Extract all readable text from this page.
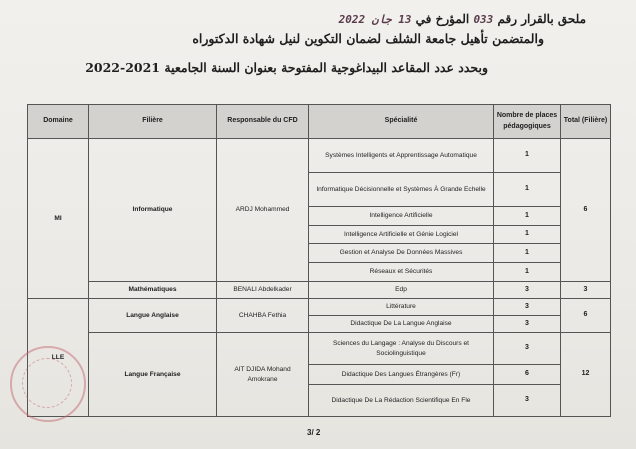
ملحق بالقرار رقم 033 المؤرخ في 13 جان 2022
والمتضمن تأهيل جامعة الشلف لضمان التكوين لنيل شهادة الدكتوراه
وبحدد عدد المقاعد البيداغوجية المفتوحة بعنوان السنة الجامعية 2021-2022
Domaine	Filière	Responsable du CFD	Spécialité	Nombre de places pédagogiques	Total (Filière)
MI	Informatique	ARDJ Mohammed	Systèmes Intelligents et Apprentissage Automatique	1	6
			Informatique Décisionnelle et Systèmes À Grande Echelle	1	
			Intelligence Artificielle	1	
			Intelligence Artificielle et Génie Logiciel	1	
			Gestion et Analyse De Données Massives	1	
			Réseaux et Sécurités	1	
	Mathématiques	BENALI Abdelkader	Edp	3	3
LLE	Langue Anglaise	CHAHBA Fethia	Littérature	3	6
			Didactique De La Langue Anglaise	3	
	Langue Française	AIT DJIDA Mohand Amokrane	Sciences du Langage : Analyse du Discours et Sociolinguistique	3	12
			Didactique Des Langues Étrangères (Fr)	6	
			Didactique De La Rédaction Scientifique En Fle	3	
3/ 2
